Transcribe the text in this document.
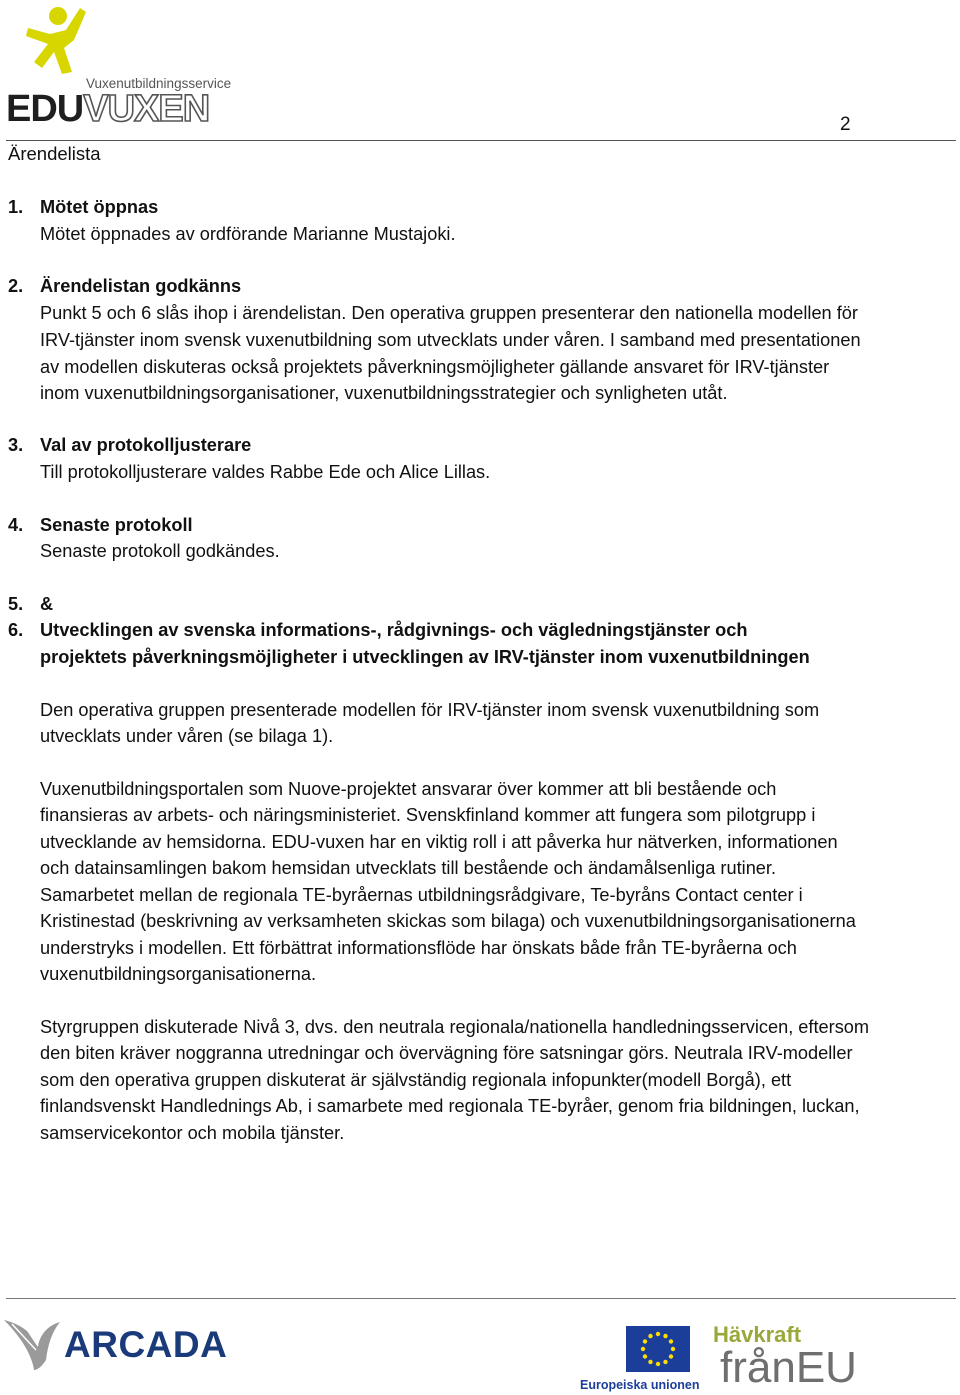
Vuxenutbildningsservice
EDUVUXEN	2
Ärendelista
1. Mötet öppnas
Mötet öppnades av ordförande Marianne Mustajoki.
2. Ärendelistan godkänns
Punkt 5 och 6 slås ihop i ärendelistan. Den operativa gruppen presenterar den nationella modellen för
IRV-tjänster inom svensk vuxenutbildning som utvecklats under våren. I samband med presentationen
av modellen diskuteras också projektets påverkningsmöjligheter gällande ansvaret för IRV-tjänster
inom vuxenutbildningsorganisationer, vuxenutbildningsstrategier och synligheten utåt.
3. Val av protokolljusterare
Till protokolljusterare valdes Rabbe Ede och Alice Lillas.
4. Senaste protokoll
Senaste protokoll godkändes.
5. &
6. Utvecklingen av svenska informations-, rådgivnings- och vägledningstjänster och
projektets påverkningsmöjligheter i utvecklingen av IRV-tjänster inom vuxenutbildningen
Den operativa gruppen presenterade modellen för IRV-tjänster inom svensk vuxenutbildning som
utvecklats under våren (se bilaga 1).
Vuxenutbildningsportalen som Nuove-projektet ansvarar över kommer att bli bestående och
finansieras av arbets- och näringsministeriet. Svenskfinland kommer att fungera som pilotgrupp i
utvecklande av hemsidorna. EDU-vuxen har en viktig roll i att påverka hur nätverken, informationen
och datainsamlingen bakom hemsidan utvecklats till bestående och ändamålsenliga rutiner.
Samarbetet mellan de regionala TE-byråernas utbildningsrådgivare, Te-byråns Contact center i
Kristinestad (beskrivning av verksamheten skickas som bilaga) och vuxenutbildningsorganisationerna
understryks i modellen. Ett förbättrat informationsflöde har önskats både från TE-byråerna och
vuxenutbildningsorganisationerna.
Styrgruppen diskuterade Nivå 3, dvs. den neutrala regionala/nationella handledningsservicen, eftersom
den biten kräver noggranna utredningar och övervägning före satsningar görs. Neutrala IRV-modeller
som den operativa gruppen diskuterat är självständig regionala infopunkter(modell Borgå), ett
finlandsvenskt Handlednings Ab, i samarbete med regionala TE-byråer, genom fria bildningen, luckan,
samservicekontor och mobila tjänster.
ARCADA
Europeiska unionen
Hävkraft
frånEU
